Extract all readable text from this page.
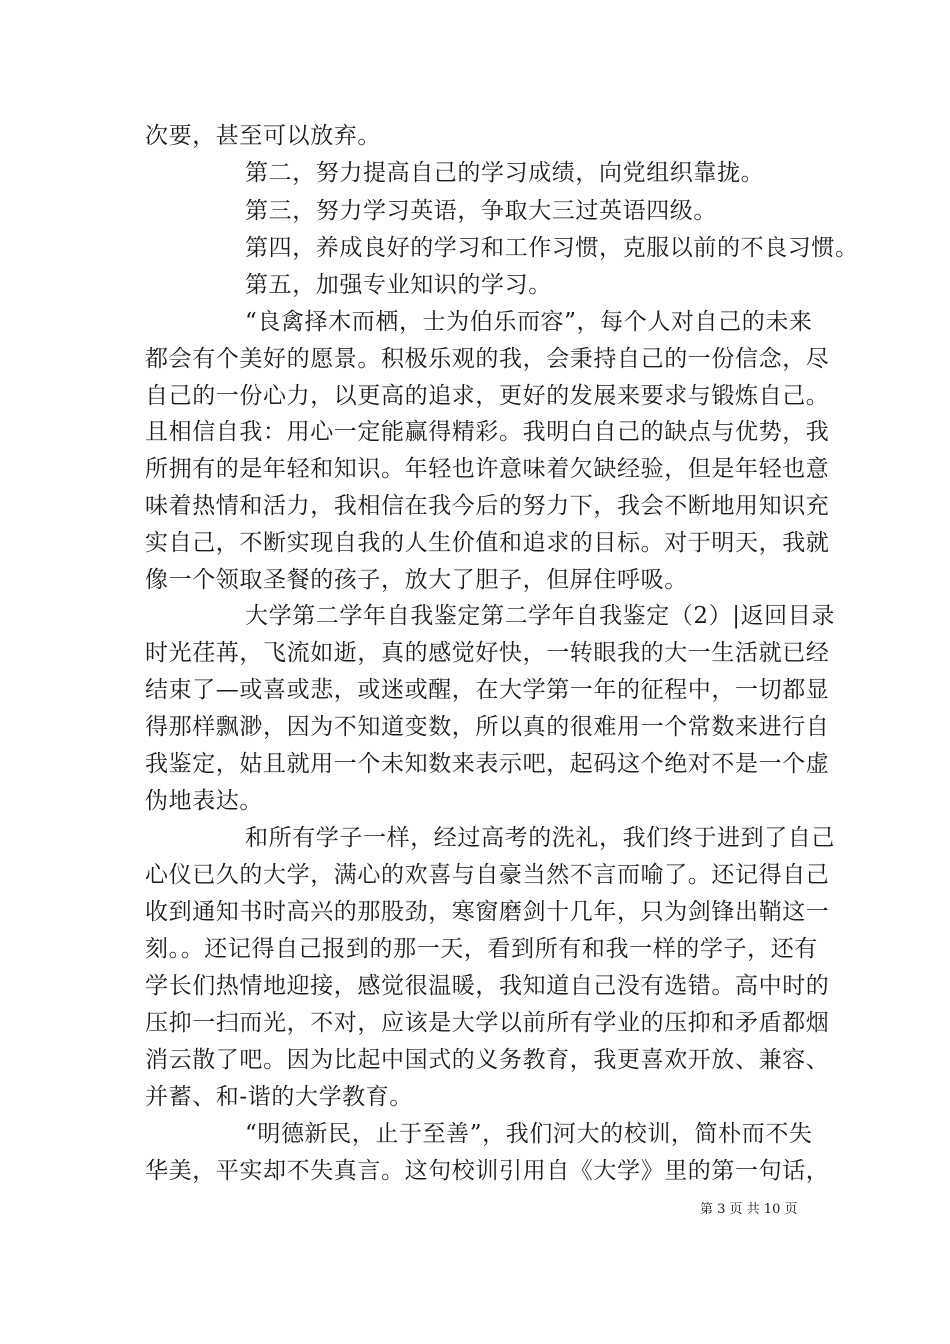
次要，甚至可以放弃。
第二，努力提高自己的学习成绩，向党组织靠拢。
第三，努力学习英语，争取大三过英语四级。
第四，养成良好的学习和工作习惯，克服以前的不良习惯。
第五，加强专业知识的学习。
“良禽择木而栖，士为伯乐而容”，每个人对自己的未来
都会有个美好的愿景。积极乐观的我，会秉持自己的一份信念，尽
自己的一份心力，以更高的追求，更好的发展来要求与锻炼自己。
且相信自我：用心一定能赢得精彩。我明白自己的缺点与优势，我
所拥有的是年轻和知识。年轻也许意味着欠缺经验，但是年轻也意
味着热情和活力，我相信在我今后的努力下，我会不断地用知识充
实自己，不断实现自我的人生价值和追求的目标。对于明天，我就
像一个领取圣餐的孩子，放大了胆子，但屏住呼吸。
大学第二学年自我鉴定第二学年自我鉴定（2）|返回目录
时光荏苒，飞流如逝，真的感觉好快，一转眼我的大一生活就已经
结束了—或喜或悲，或迷或醒，在大学第一年的征程中，一切都显
得那样飘渺，因为不知道变数，所以真的很难用一个常数来进行自
我鉴定，姑且就用一个未知数来表示吧，起码这个绝对不是一个虚
伪地表达。
和所有学子一样，经过高考的洗礼，我们终于进到了自己
心仪已久的大学，满心的欢喜与自豪当然不言而喻了。还记得自己
收到通知书时高兴的那股劲，寒窗磨剑十几年，只为剑锋出鞘这一
刻。。还记得自己报到的那一天，看到所有和我一样的学子，还有
学长们热情地迎接，感觉很温暖，我知道自己没有选错。高中时的
压抑一扫而光，不对，应该是大学以前所有学业的压抑和矛盾都烟
消云散了吧。因为比起中国式的义务教育，我更喜欢开放、兼容、
并蓄、和-谐的大学教育。
“明德新民，止于至善”，我们河大的校训，简朴而不失
华美，平实却不失真言。这句校训引用自《大学》里的第一句话，
第 3 页 共 10 页
